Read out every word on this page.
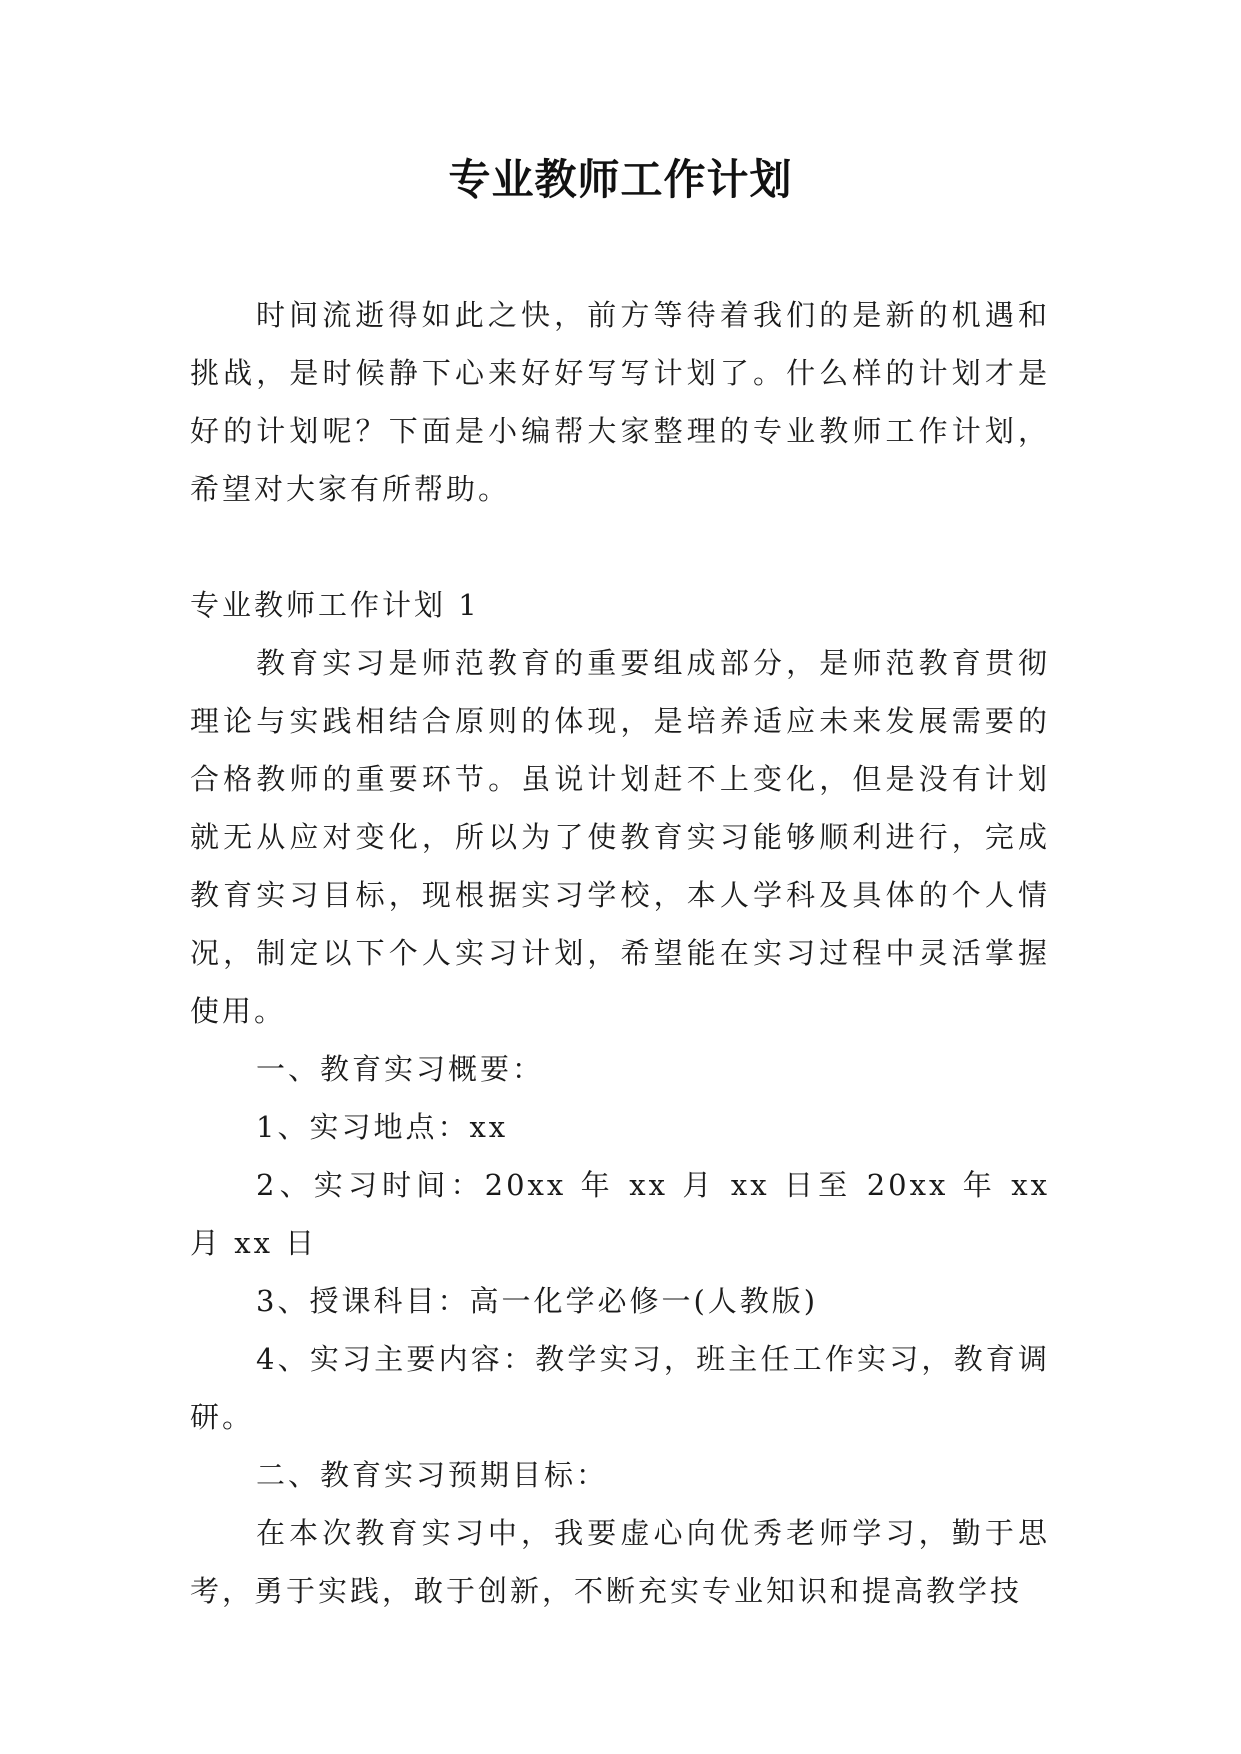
专业教师工作计划

时间流逝得如此之快，前方等待着我们的是新的机遇和挑战，是时候静下心来好好写写计划了。什么样的计划才是好的计划呢？下面是小编帮大家整理的专业教师工作计划，希望对大家有所帮助。

专业教师工作计划 1

教育实习是师范教育的重要组成部分，是师范教育贯彻理论与实践相结合原则的体现，是培养适应未来发展需要的合格教师的重要环节。虽说计划赶不上变化，但是没有计划就无从应对变化，所以为了使教育实习能够顺利进行，完成教育实习目标，现根据实习学校，本人学科及具体的个人情况，制定以下个人实习计划，希望能在实习过程中灵活掌握使用。

一、教育实习概要：

1、实习地点：xx

2、实习时间：20xx 年 xx 月 xx 日至 20xx 年 xx 月 xx 日

3、授课科目：高一化学必修一(人教版)

4、实习主要内容：教学实习，班主任工作实习，教育调研。

二、教育实习预期目标：

在本次教育实习中，我要虚心向优秀老师学习，勤于思考，勇于实践，敢于创新，不断充实专业知识和提高教学技
